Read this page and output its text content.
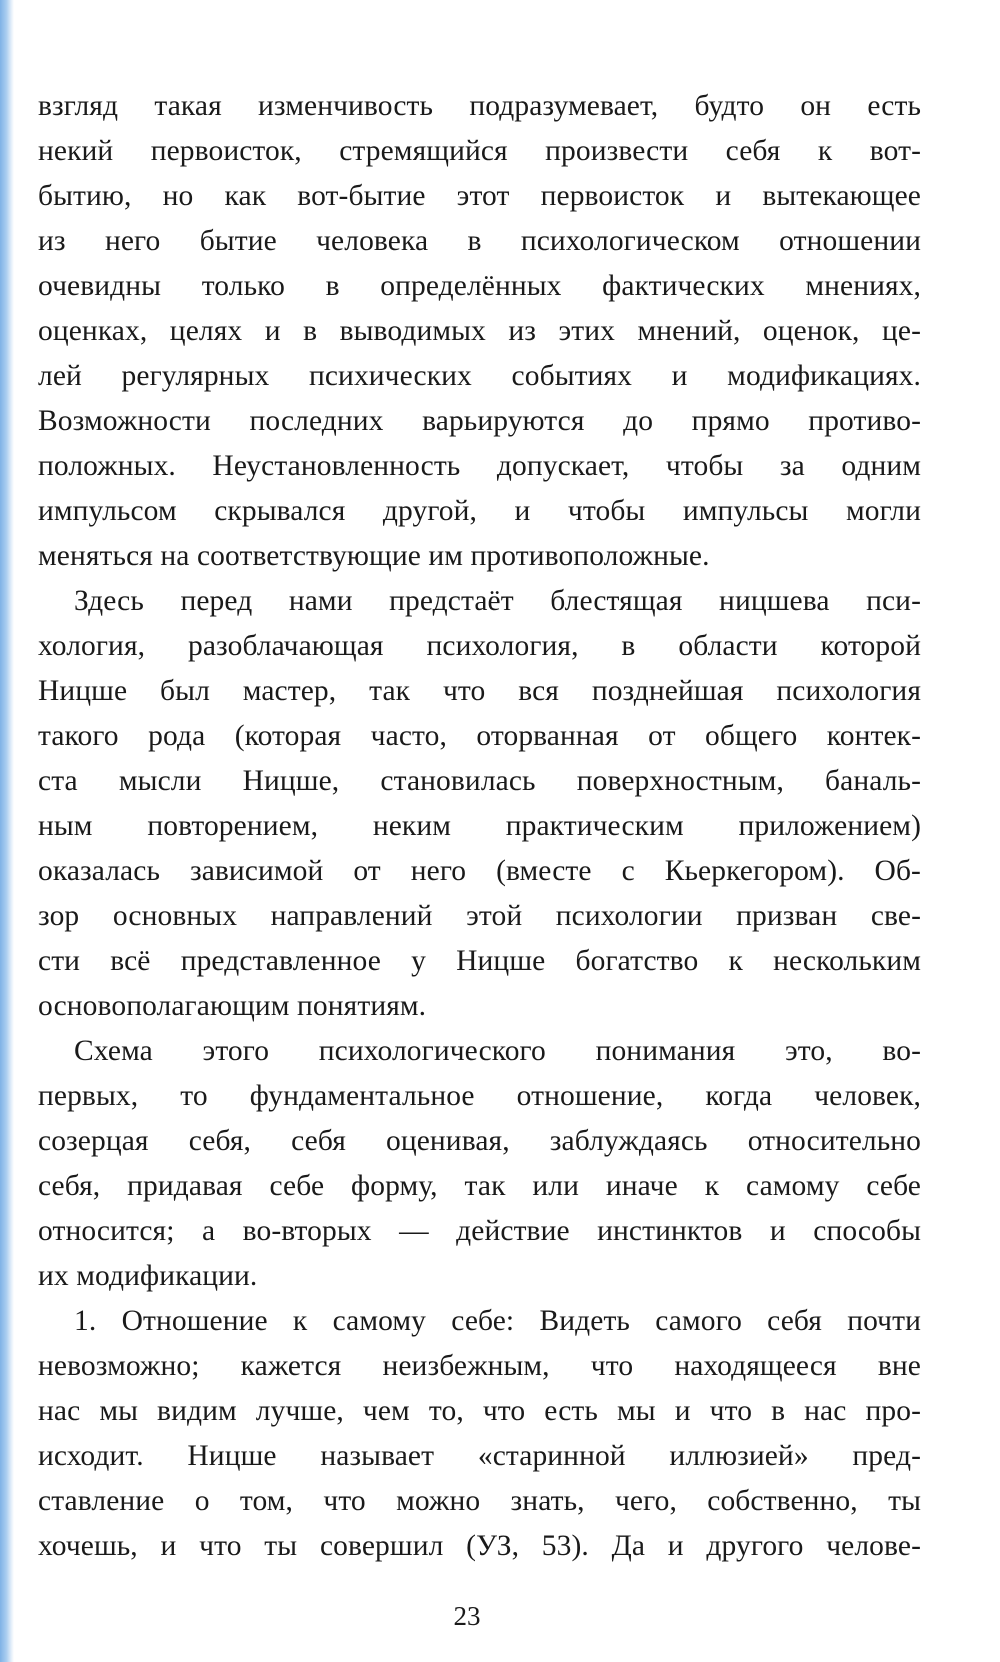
взгляд такая изменчивость подразумевает, будто он есть
некий первоисток, стремящийся произвести себя к вот-
бытию, но как вот-бытие этот первоисток и вытекающее
из него бытие человека в психологическом отношении
очевидны только в определённых фактических мнениях,
оценках, целях и в выводимых из этих мнений, оценок, це-
лей регулярных психических событиях и модификациях.
Возможности последних варьируются до прямо противо-
положных. Неустановленность допускает, чтобы за одним
импульсом скрывался другой, и чтобы импульсы могли
меняться на соответствующие им противоположные.
Здесь перед нами предстаёт блестящая ницшева пси-
хология, разоблачающая психология, в области которой
Ницше был мастер, так что вся позднейшая психология
такого рода (которая часто, оторванная от общего контек-
ста мысли Ницше, становилась поверхностным, баналь-
ным повторением, неким практическим приложением)
оказалась зависимой от него (вместе с Кьеркегором). Об-
зор основных направлений этой психологии призван све-
сти всё представленное у Ницше богатство к нескольким
основополагающим понятиям.
Схема этого психологического понимания это, во-
первых, то фундаментальное отношение, когда человек,
созерцая себя, себя оценивая, заблуждаясь относительно
себя, придавая себе форму, так или иначе к самому себе
относится; а во-вторых — действие инстинктов и способы
их модификации.
1. Отношение к самому себе: Видеть самого себя почти
невозможно; кажется неизбежным, что находящееся вне
нас мы видим лучше, чем то, что есть мы и что в нас про-
исходит. Ницше называет «старинной иллюзией» пред-
ставление о том, что можно знать, чего, собственно, ты
хочешь, и что ты совершил (УЗ, 53). Да и другого челове-
23
